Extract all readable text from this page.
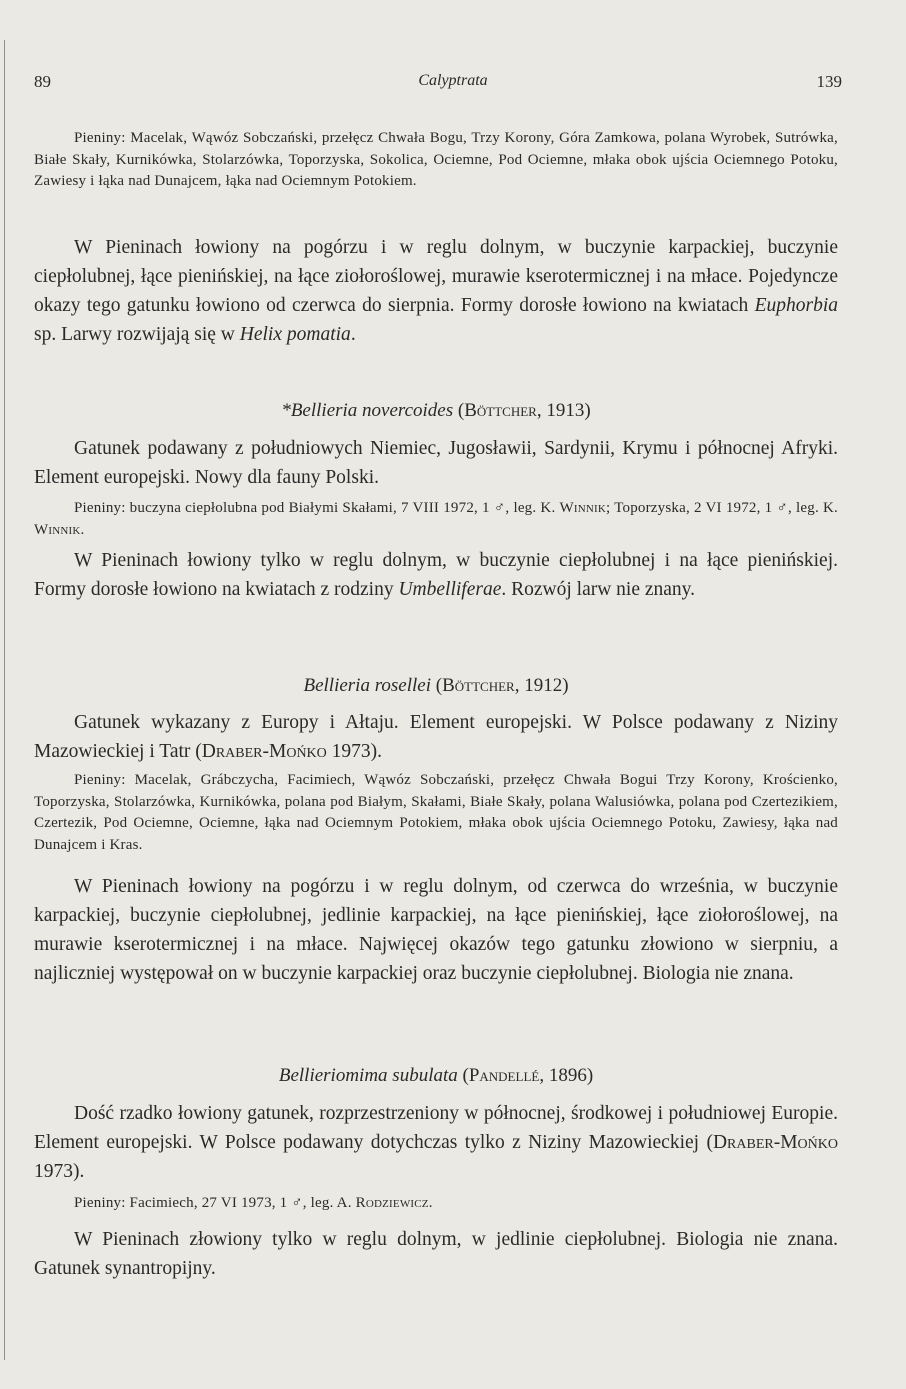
89	Calyptrata	139

Pieniny: Macelak, Wąwóz Sobczański, przełęcz Chwała Bogu, Trzy Korony, Góra Zamkowa, polana Wyrobek, Sutrówka, Białe Skały, Kurnikówka, Stolarzówka, Toporzyska, Sokolica, Ociemne, Pod Ociemne, młaka obok ujścia Ociemnego Potoku, Zawiesy i łąka nad Dunajcem, łąka nad Ociemnym Potokiem.

W Pieninach łowiony na pogórzu i w reglu dolnym, w buczynie karpackiej, buczynie ciepłolubnej, łące pienińskiej, na łące ziołoroślowej, murawie kserotermicznej i na młace. Pojedyncze okazy tego gatunku łowiono od czerwca do sierpnia. Formy dorosłe łowiono na kwiatach Euphorbia sp. Larwy rozwijają się w Helix pomatia.

*Bellieria novercoides (Böttcher, 1913)

Gatunek podawany z południowych Niemiec, Jugosławii, Sardynii, Krymu i północnej Afryki. Element europejski. Nowy dla fauny Polski.

Pieniny: buczyna ciepłolubna pod Białymi Skałami, 7 VIII 1972, 1 ♂, leg. K. Winnik; Toporzyska, 2 VI 1972, 1 ♂, leg. K. Winnik.

W Pieninach łowiony tylko w reglu dolnym, w buczynie ciepłolubnej i na łące pienińskiej. Formy dorosłe łowiono na kwiatach z rodziny Umbelliferae. Rozwój larw nie znany.

Bellieria rosellei (Böttcher, 1912)

Gatunek wykazany z Europy i Ałtaju. Element europejski. W Polsce podawany z Niziny Mazowieckiej i Tatr (Draber-Mońko 1973).

Pieniny: Macelak, Grábczycha, Facimiech, Wąwóz Sobczański, przełęcz Chwała Bogui Trzy Korony, Krościenko, Toporzyska, Stolarzówka, Kurnikówka, polana pod Białym, Skałami, Białe Skały, polana Walusiówka, polana pod Czertezikiem, Czertezik, Pod Ociemne, Ociemne, łąka nad Ociemnym Potokiem, młaka obok ujścia Ociemnego Potoku, Zawiesy, łąka nad Dunajcem i Kras.

W Pieninach łowiony na pogórzu i w reglu dolnym, od czerwca do września, w buczynie karpackiej, buczynie ciepłolubnej, jedlinie karpackiej, na łące pienińskiej, łące ziołoroślowej, na murawie kserotermicznej i na młace. Najwięcej okazów tego gatunku złowiono w sierpniu, a najliczniej występował on w buczynie karpackiej oraz buczynie ciepłolubnej. Biologia nie znana.

Bellieriomima subulata (Pandellé, 1896)

Dość rzadko łowiony gatunek, rozprzestrzeniony w północnej, środkowej i południowej Europie. Element europejski. W Polsce podawany dotychczas tylko z Niziny Mazowieckiej (Draber-Mońko 1973).

Pieniny: Facimiech, 27 VI 1973, 1 ♂, leg. A. Rodziewicz.

W Pieninach złowiony tylko w reglu dolnym, w jedlinie ciepłolubnej. Biologia nie znana. Gatunek synantropijny.
